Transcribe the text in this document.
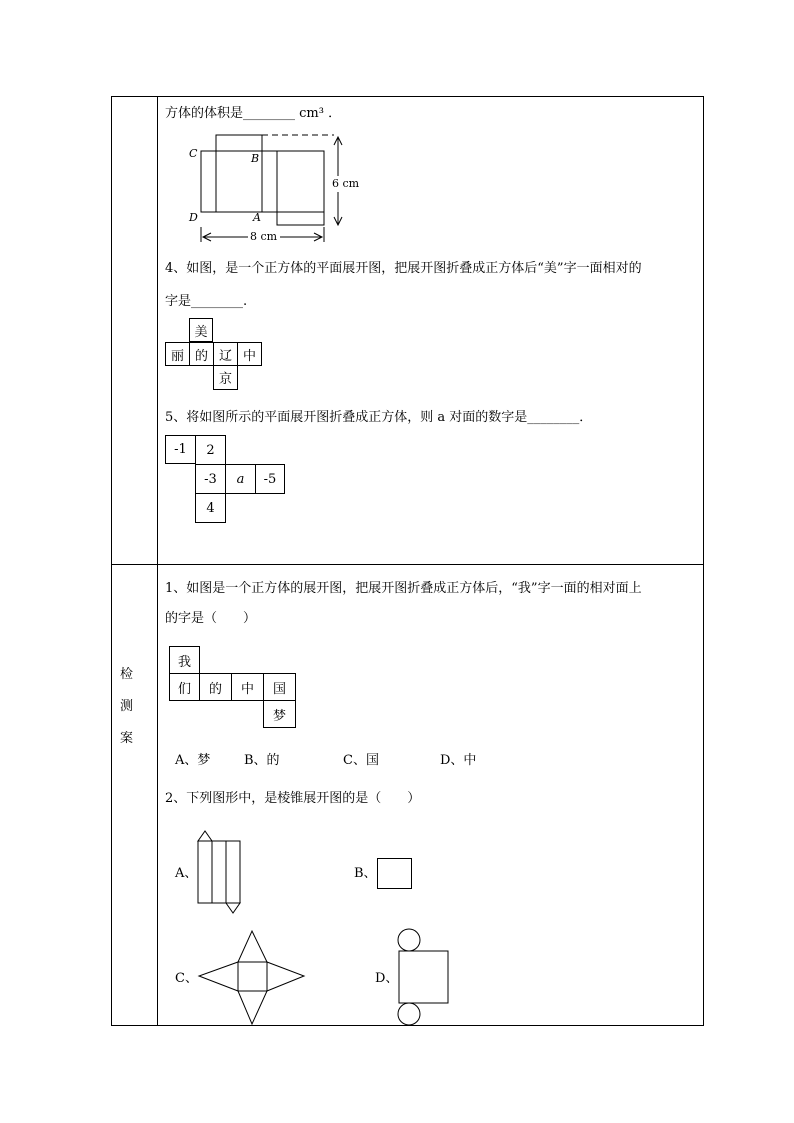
方体的体积是________ cm³ ．
C	B
D	A
6 cm
8 cm
4、如图，是一个正方体的平面展开图，把展开图折叠成正方体后“美”字一面相对的
字是________.
美
丽 的 辽 中
京
5、将如图所示的平面展开图折叠成正方体，则 a 对面的数字是________．
-1	2
-3	a	-5
4
检
测
案
1、如图是一个正方体的展开图，把展开图折叠成正方体后，“我”字一面的相对面上
的字是（　　）
我
们	的	中	国
梦
A、梦	B、的	C、国	D、中
2、下列图形中，是棱锥展开图的是（　　）
A、	B、
C、	D、
